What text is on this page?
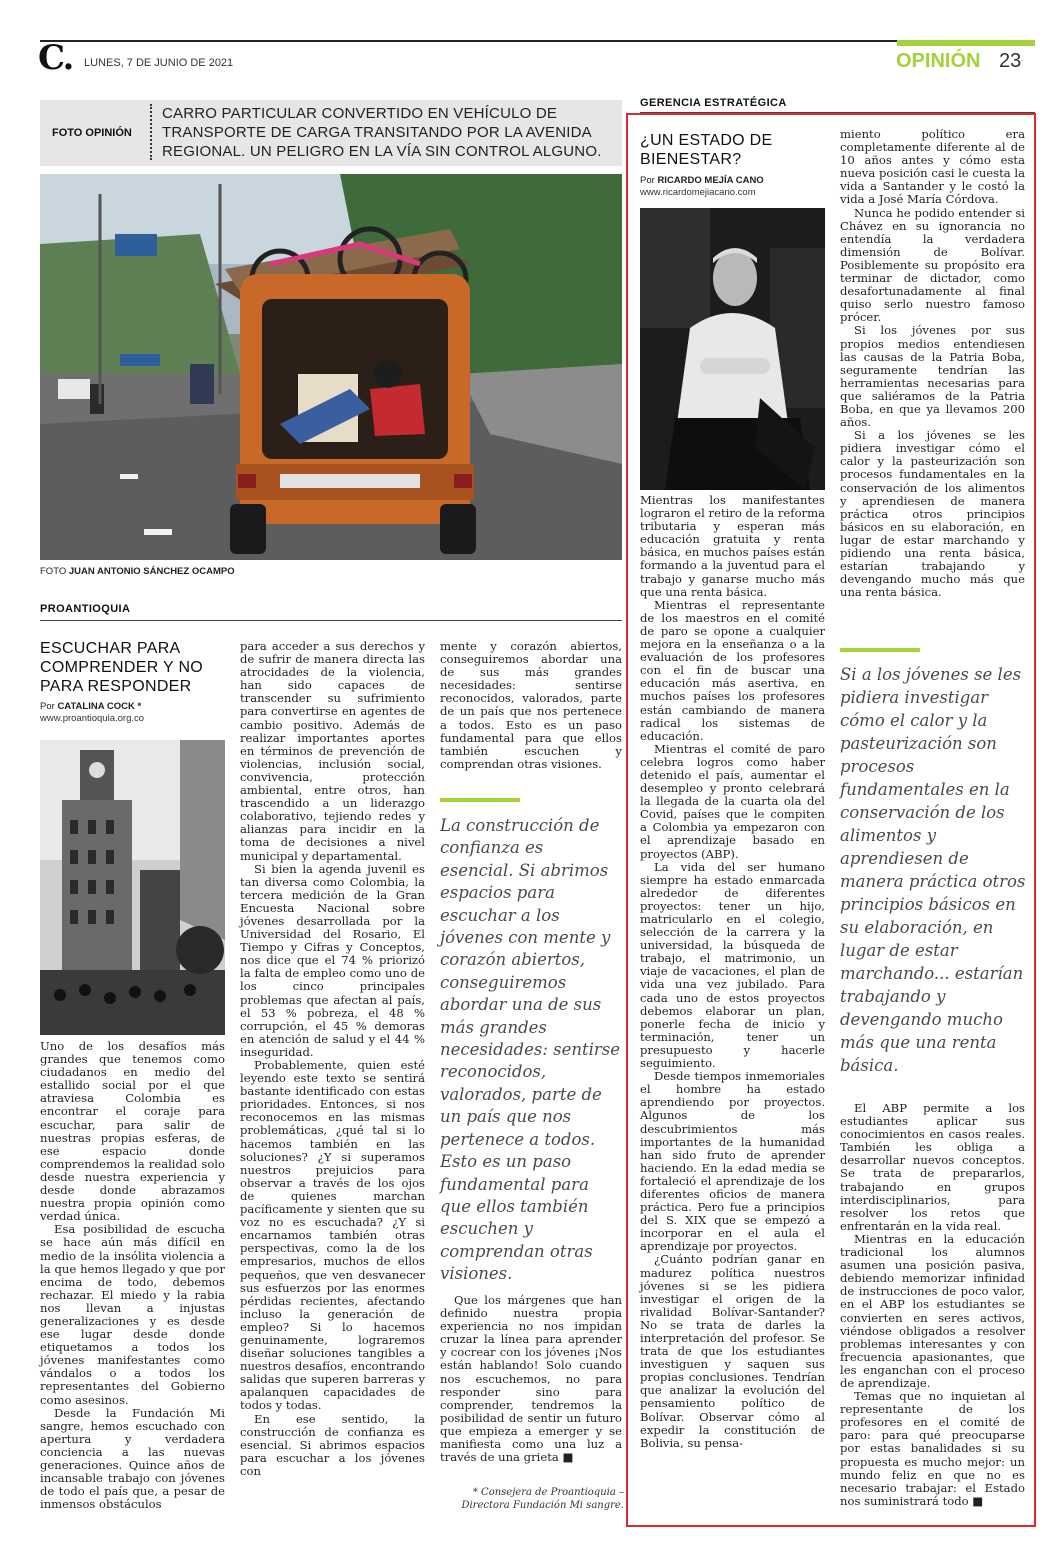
C. LUNES, 7 DE JUNIO DE 2021	OPINIÓN 23
FOTO OPINIÓN
CARRO PARTICULAR CONVERTIDO EN VEHÍCULO DE TRANSPORTE DE CARGA TRANSITANDO POR LA AVENIDA REGIONAL. UN PELIGRO EN LA VÍA SIN CONTROL ALGUNO.
FOTO JUAN ANTONIO SÁNCHEZ OCAMPO
PROANTIOQUIA
ESCUCHAR PARA COMPRENDER Y NO PARA RESPONDER
Por CATALINA COCK *
www.proantioquia.org.co

Uno de los desafíos más grandes que tenemos como ciudadanos en medio del estallido social por el que atraviesa Colombia es encontrar el coraje para escuchar, para salir de nuestras propias esferas, de ese espacio donde comprendemos la realidad solo desde nuestra experiencia y desde donde abrazamos nuestra propia opinión como verdad única.

Esa posibilidad de escucha se hace aún más difícil en medio de la insólita violencia a la que hemos llegado y que por encima de todo, debemos rechazar. El miedo y la rabia nos llevan a injustas generalizaciones y es desde ese lugar desde donde etiquetamos a todos los jóvenes manifestantes como vándalos o a todos los representantes del Gobierno como asesinos.

Desde la Fundación Mi sangre, hemos escuchado con apertura y verdadera conciencia a las nuevas generaciones. Quince años de incansable trabajo con jóvenes de todo el país que, a pesar de inmensos obstáculos

para acceder a sus derechos y de sufrir de manera directa las atrocidades de la violencia, han sido capaces de transcender su sufrimiento para convertirse en agentes de cambio positivo. Además de realizar importantes aportes en términos de prevención de violencias, inclusión social, convivencia, protección ambiental, entre otros, han trascendido a un liderazgo colaborativo, tejiendo redes y alianzas para incidir en la toma de decisiones a nivel municipal y departamental.

Si bien la agenda juvenil es tan diversa como Colombia, la tercera medición de la Gran Encuesta Nacional sobre jóvenes desarrollada por la Universidad del Rosario, El Tiempo y Cifras y Conceptos, nos dice que el 74 % priorizó la falta de empleo como uno de los cinco principales problemas que afectan al país, el 53 % pobreza, el 48 % corrupción, el 45 % demoras en atención de salud y el 44 % inseguridad.

Probablemente, quien esté leyendo este texto se sentirá bastante identificado con estas prioridades. Entonces, si nos reconocemos en las mismas problemáticas, ¿qué tal si lo hacemos también en las soluciones? ¿Y si superamos nuestros prejuicios para observar a través de los ojos de quienes marchan pacíficamente y sienten que su voz no es escuchada? ¿Y si encarnamos también otras perspectivas, como la de los empresarios, muchos de ellos pequeños, que ven desvanecer sus esfuerzos por las enormes pérdidas recientes, afectando incluso la generación de empleo? Si lo hacemos genuinamente, lograremos diseñar soluciones tangibles a nuestros desafíos, encontrando salidas que superen barreras y apalanquen capacidades de todos y todas.

En ese sentido, la construcción de confianza es esencial. Si abrimos espacios para escuchar a los jóvenes con

mente y corazón abiertos, conseguiremos abordar una de sus más grandes necesidades: sentirse reconocidos, valorados, parte de un país que nos pertenece a todos. Esto es un paso fundamental para que ellos también escuchen y comprendan otras visiones.

La construcción de confianza es esencial. Si abrimos espacios para escuchar a los jóvenes con mente y corazón abiertos, conseguiremos abordar una de sus más grandes necesidades: sentirse reconocidos, valorados, parte de un país que nos pertenece a todos. Esto es un paso fundamental para que ellos también escuchen y comprendan otras visiones.

Que los márgenes que han definido nuestra propia experiencia no nos impidan cruzar la línea para aprender y cocrear con los jóvenes ¡Nos están hablando! Solo cuando nos escuchemos, no para responder sino para comprender, tendremos la posibilidad de sentir un futuro que empieza a emerger y se manifiesta como una luz a través de una grieta ■

* Consejera de Proantioquia – Directora Fundación Mi sangre.
GERENCIA ESTRATÉGICA
¿UN ESTADO DE BIENESTAR?
Por RICARDO MEJÍA CANO
www.ricardomejiacano.com

Mientras los manifestantes lograron el retiro de la reforma tributaria y esperan más educación gratuita y renta básica, en muchos países están formando a la juventud para el trabajo y ganarse mucho más que una renta básica.

Mientras el representante de los maestros en el comité de paro se opone a cualquier mejora en la enseñanza o a la evaluación de los profesores con el fin de buscar una educación más asertiva, en muchos países los profesores están cambiando de manera radical los sistemas de educación.

Mientras el comité de paro celebra logros como haber detenido el país, aumentar el desempleo y pronto celebrará la llegada de la cuarta ola del Covid, países que le compiten a Colombia ya empezaron con el aprendizaje basado en proyectos (ABP).

La vida del ser humano siempre ha estado enmarcada alrededor de diferentes proyectos: tener un hijo, matricularlo en el colegio, selección de la carrera y la universidad, la búsqueda de trabajo, el matrimonio, un viaje de vacaciones, el plan de vida una vez jubilado. Para cada uno de estos proyectos debemos elaborar un plan, ponerle fecha de inicio y terminación, tener un presupuesto y hacerle seguimiento.

Desde tiempos inmemoriales el hombre ha estado aprendiendo por proyectos. Algunos de los descubrimientos más importantes de la humanidad han sido fruto de aprender haciendo. En la edad media se fortaleció el aprendizaje de los diferentes oficios de manera práctica. Pero fue a principios del S. XIX que se empezó a incorporar en el aula el aprendizaje por proyectos.

¿Cuánto podrían ganar en madurez política nuestros jóvenes si se les pidiera investigar el origen de la rivalidad Bolívar-Santander? No se trata de darles la interpretación del profesor. Se trata de que los estudiantes investiguen y saquen sus propias conclusiones. Tendrían que analizar la evolución del pensamiento político de Bolívar. Observar cómo al expedir la constitución de Bolivia, su pensa-

miento político era completamente diferente al de 10 años antes y cómo esta nueva posición casi le cuesta la vida a Santander y le costó la vida a José María Córdova.

Nunca he podido entender si Chávez en su ignorancia no entendía la verdadera dimensión de Bolívar. Posiblemente su propósito era terminar de dictador, como desafortunadamente al final quiso serlo nuestro famoso prócer.

Si los jóvenes por sus propios medios entendiesen las causas de la Patria Boba, seguramente tendrían las herramientas necesarias para que saliéramos de la Patria Boba, en que ya llevamos 200 años.

Si a los jóvenes se les pidiera investigar cómo el calor y la pasteurización son procesos fundamentales en la conservación de los alimentos y aprendiesen de manera práctica otros principios básicos en su elaboración, en lugar de estar marchando y pidiendo una renta básica, estarían trabajando y devengando mucho más que una renta básica.

Si a los jóvenes se les pidiera investigar cómo el calor y la pasteurización son procesos fundamentales en la conservación de los alimentos y aprendiesen de manera práctica otros principios básicos en su elaboración, en lugar de estar marchando... estarían trabajando y devengando mucho más que una renta básica.

El ABP permite a los estudiantes aplicar sus conocimientos en casos reales. También les obliga a desarrollar nuevos conceptos. Se trata de prepararlos, trabajando en grupos interdisciplinarios, para resolver los retos que enfrentarán en la vida real.

Mientras en la educación tradicional los alumnos asumen una posición pasiva, debiendo memorizar infinidad de instrucciones de poco valor, en el ABP los estudiantes se convierten en seres activos, viéndose obligados a resolver problemas interesantes y con frecuencia apasionantes, que les enganchan con el proceso de aprendizaje.

Temas que no inquietan al representante de los profesores en el comité de paro: para qué preocuparse por estas banalidades si su propuesta es mucho mejor: un mundo feliz en que no es necesario trabajar: el Estado nos suministrará todo ■
